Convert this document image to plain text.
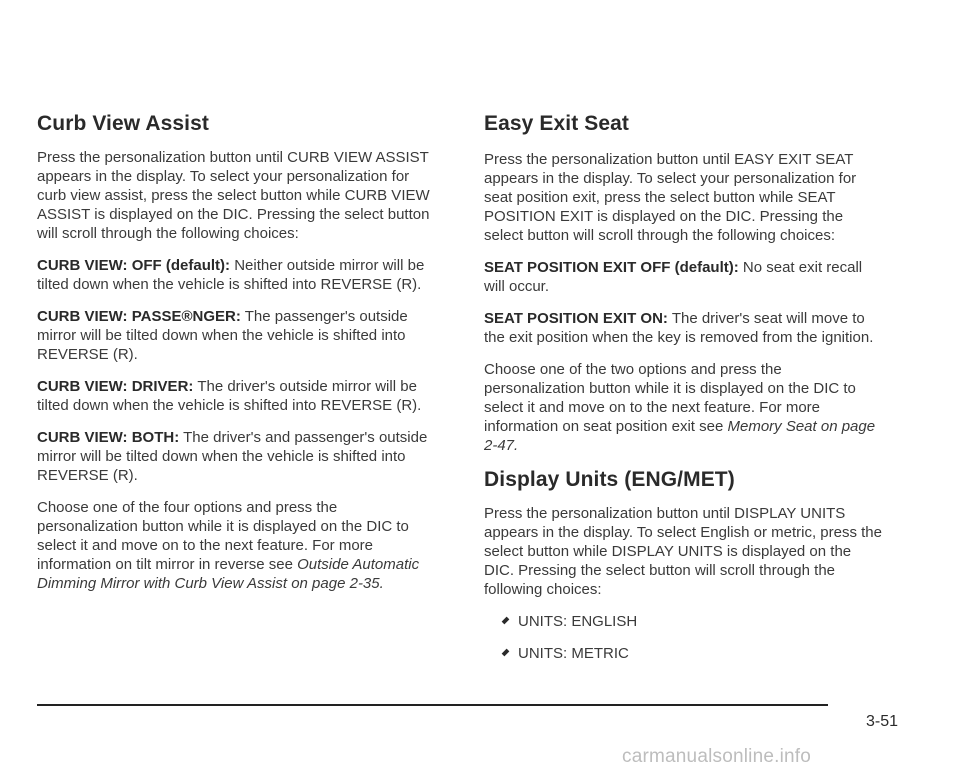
Curb View Assist

Press the personalization button until CURB VIEW ASSIST appears in the display. To select your personalization for curb view assist, press the select button while CURB VIEW ASSIST is displayed on the DIC. Pressing the select button will scroll through the following choices:

CURB VIEW: OFF (default): Neither outside mirror will be tilted down when the vehicle is shifted into REVERSE (R).

CURB VIEW: PASSE®NGER: The passenger's outside mirror will be tilted down when the vehicle is shifted into REVERSE (R).

CURB VIEW: DRIVER: The driver's outside mirror will be tilted down when the vehicle is shifted into REVERSE (R).

CURB VIEW: BOTH: The driver's and passenger's outside mirror will be tilted down when the vehicle is shifted into REVERSE (R).

Choose one of the four options and press the personalization button while it is displayed on the DIC to select it and move on to the next feature. For more information on tilt mirror in reverse see Outside Automatic Dimming Mirror with Curb View Assist on page 2-35.

Easy Exit Seat

Press the personalization button until EASY EXIT SEAT appears in the display. To select your personalization for seat position exit, press the select button while SEAT POSITION EXIT is displayed on the DIC. Pressing the select button will scroll through the following choices:

SEAT POSITION EXIT OFF (default): No seat exit recall will occur.

SEAT POSITION EXIT ON: The driver's seat will move to the exit position when the key is removed from the ignition.

Choose one of the two options and press the personalization button while it is displayed on the DIC to select it and move on to the next feature. For more information on seat position exit see Memory Seat on page 2-47.

Display Units (ENG/MET)

Press the personalization button until DISPLAY UNITS appears in the display. To select English or metric, press the select button while DISPLAY UNITS is displayed on the DIC. Pressing the select button will scroll through the following choices:

UNITS: ENGLISH
UNITS: METRIC
3-51
carmanualsonline.info
